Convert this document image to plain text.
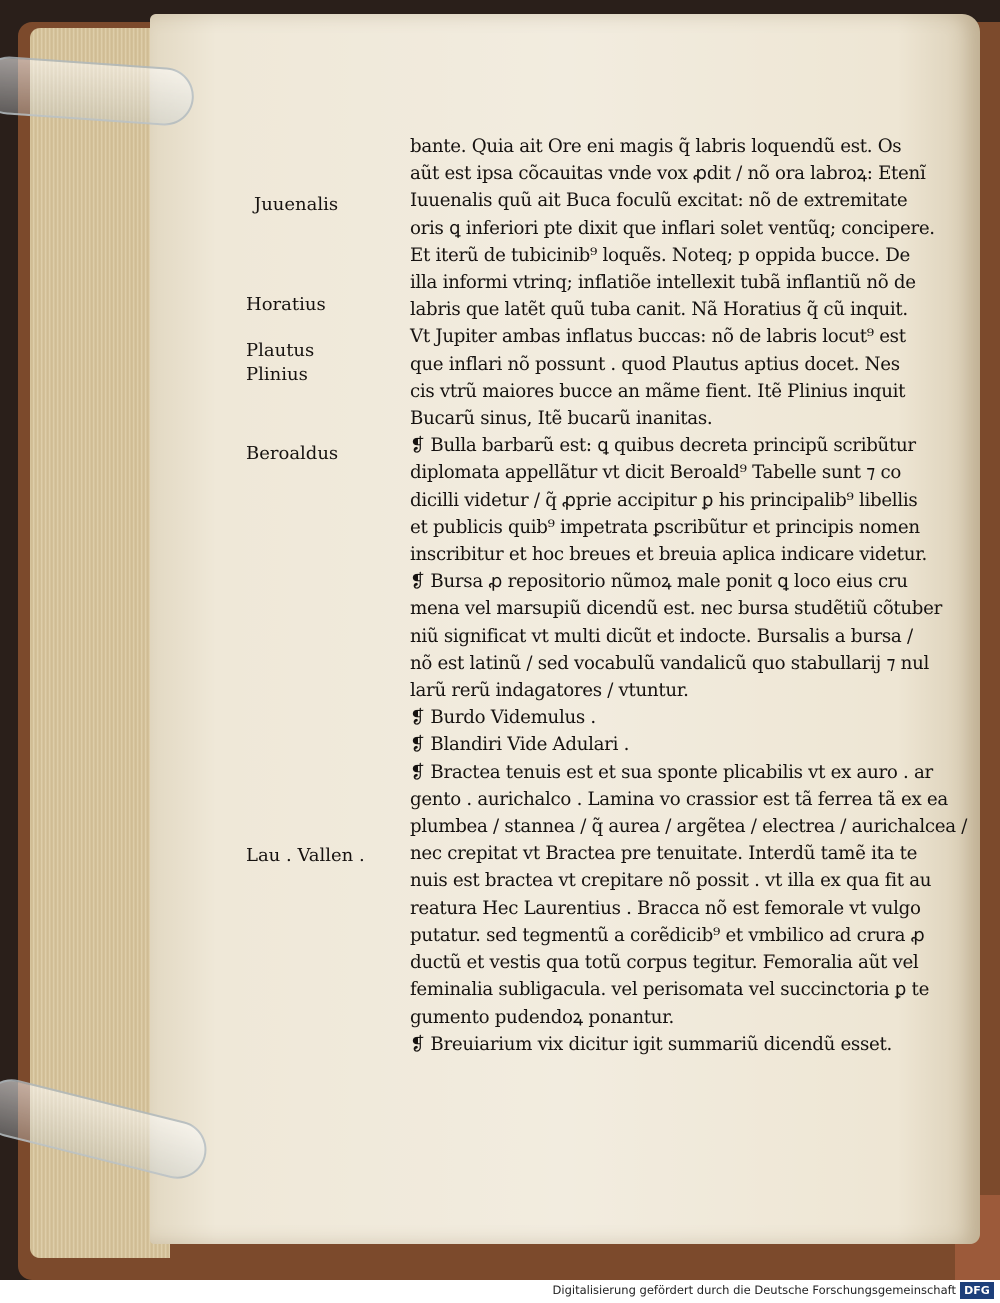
Juuenalis
Horatius
Plautus
Plinius
Beroaldus
Lau . Vallen .
bante. Quia ait Ore eni magis q̃ labris loquendũ est. Os
aũt est ipsa cõcauitas vnde vox ꝓdit / nõ ora labroꝝ: Etenĩ
Iuuenalis quũ ait Buca foculũ excitat: nõ de extremitate
oris ꝗ inferiori pte dixit que inflari solet ventũq; concipere.
Et iterũ de tubicinib⁹ loquẽs. Noteq; p oppida bucce. De
illa informi vtrinq; inflatiõe intellexit tubã inflantiũ nõ de
labris que latẽt quũ tuba canit. Nã Horatius q̃ cũ inquit.
Vt Jupiter ambas inflatus buccas: nõ de labris locut⁹ est
que inflari nõ possunt . quod Plautus aptius docet. Nes
cis vtrũ maiores bucce an mãme fient. Itẽ Plinius inquit
Bucarũ sinus, Itẽ bucarũ inanitas.
❡ Bulla barbarũ est: ꝗ quibus decreta principũ scribũtur
diplomata appellãtur vt dicit Beroald⁹ Tabelle sunt ⁊ co
dicilli videtur / q̃ ꝓprie accipitur ꝑ his principalib⁹ libellis
et publicis quib⁹ impetrata ꝑscribũtur et principis nomen
inscribitur et hoc breues et breuia aplica indicare videtur.
❡ Bursa ꝓ repositorio nũmoꝝ male ponit ꝗ loco eius cru
mena vel marsupiũ dicendũ est. nec bursa studẽtiũ cõtuber
niũ significat vt multi dicũt et indocte. Bursalis a bursa /
nõ est latinũ / sed vocabulũ vandalicũ quo stabullarij ⁊ nul
larũ rerũ indagatores / vtuntur.
❡ Burdo Videmulus .
❡ Blandiri Vide Adulari .
❡ Bractea tenuis est et sua sponte plicabilis vt ex auro . ar
gento . aurichalco . Lamina vo crassior est tã ferrea tã ex ea
plumbea / stannea / q̃ aurea / argẽtea / electrea / aurichalcea /
nec crepitat vt Bractea pre tenuitate. Interdũ tamẽ ita te
nuis est bractea vt crepitare nõ possit . vt illa ex qua fit au
reatura Hec Laurentius . Bracca nõ est femorale vt vulgo
putatur. sed tegmentũ a corẽdicib⁹ et vmbilico ad crura ꝓ
ductũ et vestis qua totũ corpus tegitur. Femoralia aũt vel
feminalia subligacula. vel perisomata vel succinctoria ꝑ te
gumento pudendoꝝ ponantur.
❡ Breuiarium vix dicitur igit summariũ dicendũ esset.
Digitalisierung gefördert durch die Deutsche Forschungsgemeinschaft DFG
